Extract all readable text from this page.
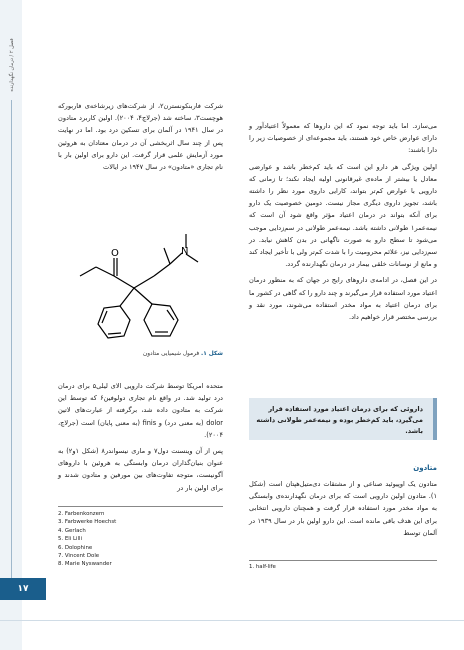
فصل ۲ / درمان نگهدارنده

می‌سازد. اما باید توجه نمود که این داروها که معمولاً اعتیادآور و دارای عوارض خاص خود هستند، باید مجموعه‌ای از خصوصیات زیر را دارا باشند:

اولین ویژگی هر دارو این است که باید کم‌خطر باشد و عوارضی معادل یا بیشتر از ماده‌ی غیرقانونی اولیه ایجاد نکند؛ تا زمانی که دارویی با عوارض کم‌تر بتواند، کارایی داروی مورد نظر را داشته باشد، تجویز داروی دیگری مجاز نیست. دومین خصوصیت یک دارو برای آنکه بتواند در درمان اعتیاد مؤثر واقع شود آن است که نیمه‌عمر۱ طولانی داشته باشد. نیمه‌عمر طولانی در سم‌زدایی موجب می‌شود تا سطح دارو به صورت ناگهانی در بدن کاهش نیابد. در سم‌زدایی نیز، علائم محرومیت را با شدت کم‌تر ولی با تأخیر ایجاد کند و مانع از نوسانات خلقی بیمار در درمان نگهدارنده گردد.

در این فصل، در ادامه‌ی داروهای رایج در جهان که به منظور درمان اعتیاد مورد استفاده قرار می‌گیرند و چند دارو را که گاهی در کشور ما برای درمان اعتیاد به مواد مخدر استفاده می‌شوند، مورد نقد و بررسی مختصر قرار خواهیم داد.

داروئی که برای درمان اعتیاد مورد استفاده قرار می‌گیرد، باید کم‌خطر بوده و نیمه‌عمر طولانی داشته باشد.
متادون

متادون یک اوپیوئید صناعی و از مشتقات دی‌متیل‌هپتان است (شکل ۱). متادون اولین دارویی است که برای درمان نگهدارنده‌ی وابستگی به مواد مخدر مورد استفاده قرار گرفت و همچنان دارویی انتخابی برای این هدف باقی مانده است. این دارو اولین بار در سال ۱۹۳۹ در آلمان توسط

1. half-life

شرکت فاربنکونسترن۲، از شرکت‌های زیرشاخه‌ی فاربورکه هوچست۳، ساخته شد (جرلاچ۴، ۲۰۰۴). اولین کاربرد متادون در سال ۱۹۴۱ در آلمان برای تسکین درد بود. اما در نهایت پس از چند سال اثربخشی آن در درمان معتادان به هروئین مورد آزمایش علمی قرار گرفت. این دارو برای اولین بار با نام تجاری «متادون» در سال ۱۹۴۷ در ایالات

O	N
شکل ۱. فرمول شیمیایی متادون

متحده امریکا توسط شرکت دارویی الای لیلی۵ برای درمان درد تولید شد. در واقع نام تجاری دولوفین۶ که توسط این شرکت به متادون داده شد، برگرفته از عبارت‌های لاتین dolor (به معنی درد) و finis (به معنی پایان) است (جرلاچ، ۲۰۰۴).

پس از آن وینسنت دول۷ و ماری نیسواندر۸ (شکل ۱و۲) به عنوان بنیان‌گذاران درمان وابستگی به هروئین با داروهای آگونیست، متوجه تفاوت‌های بین مورفین و متادون شدند و برای اولین بار در

2. Farbenkonzern
3. Farbwerke Hoechst
4. Gerlach
5. Eli Lilli
6. Dolophine
7. Vincent Dole
8. Marie Nyswander
۱۷
